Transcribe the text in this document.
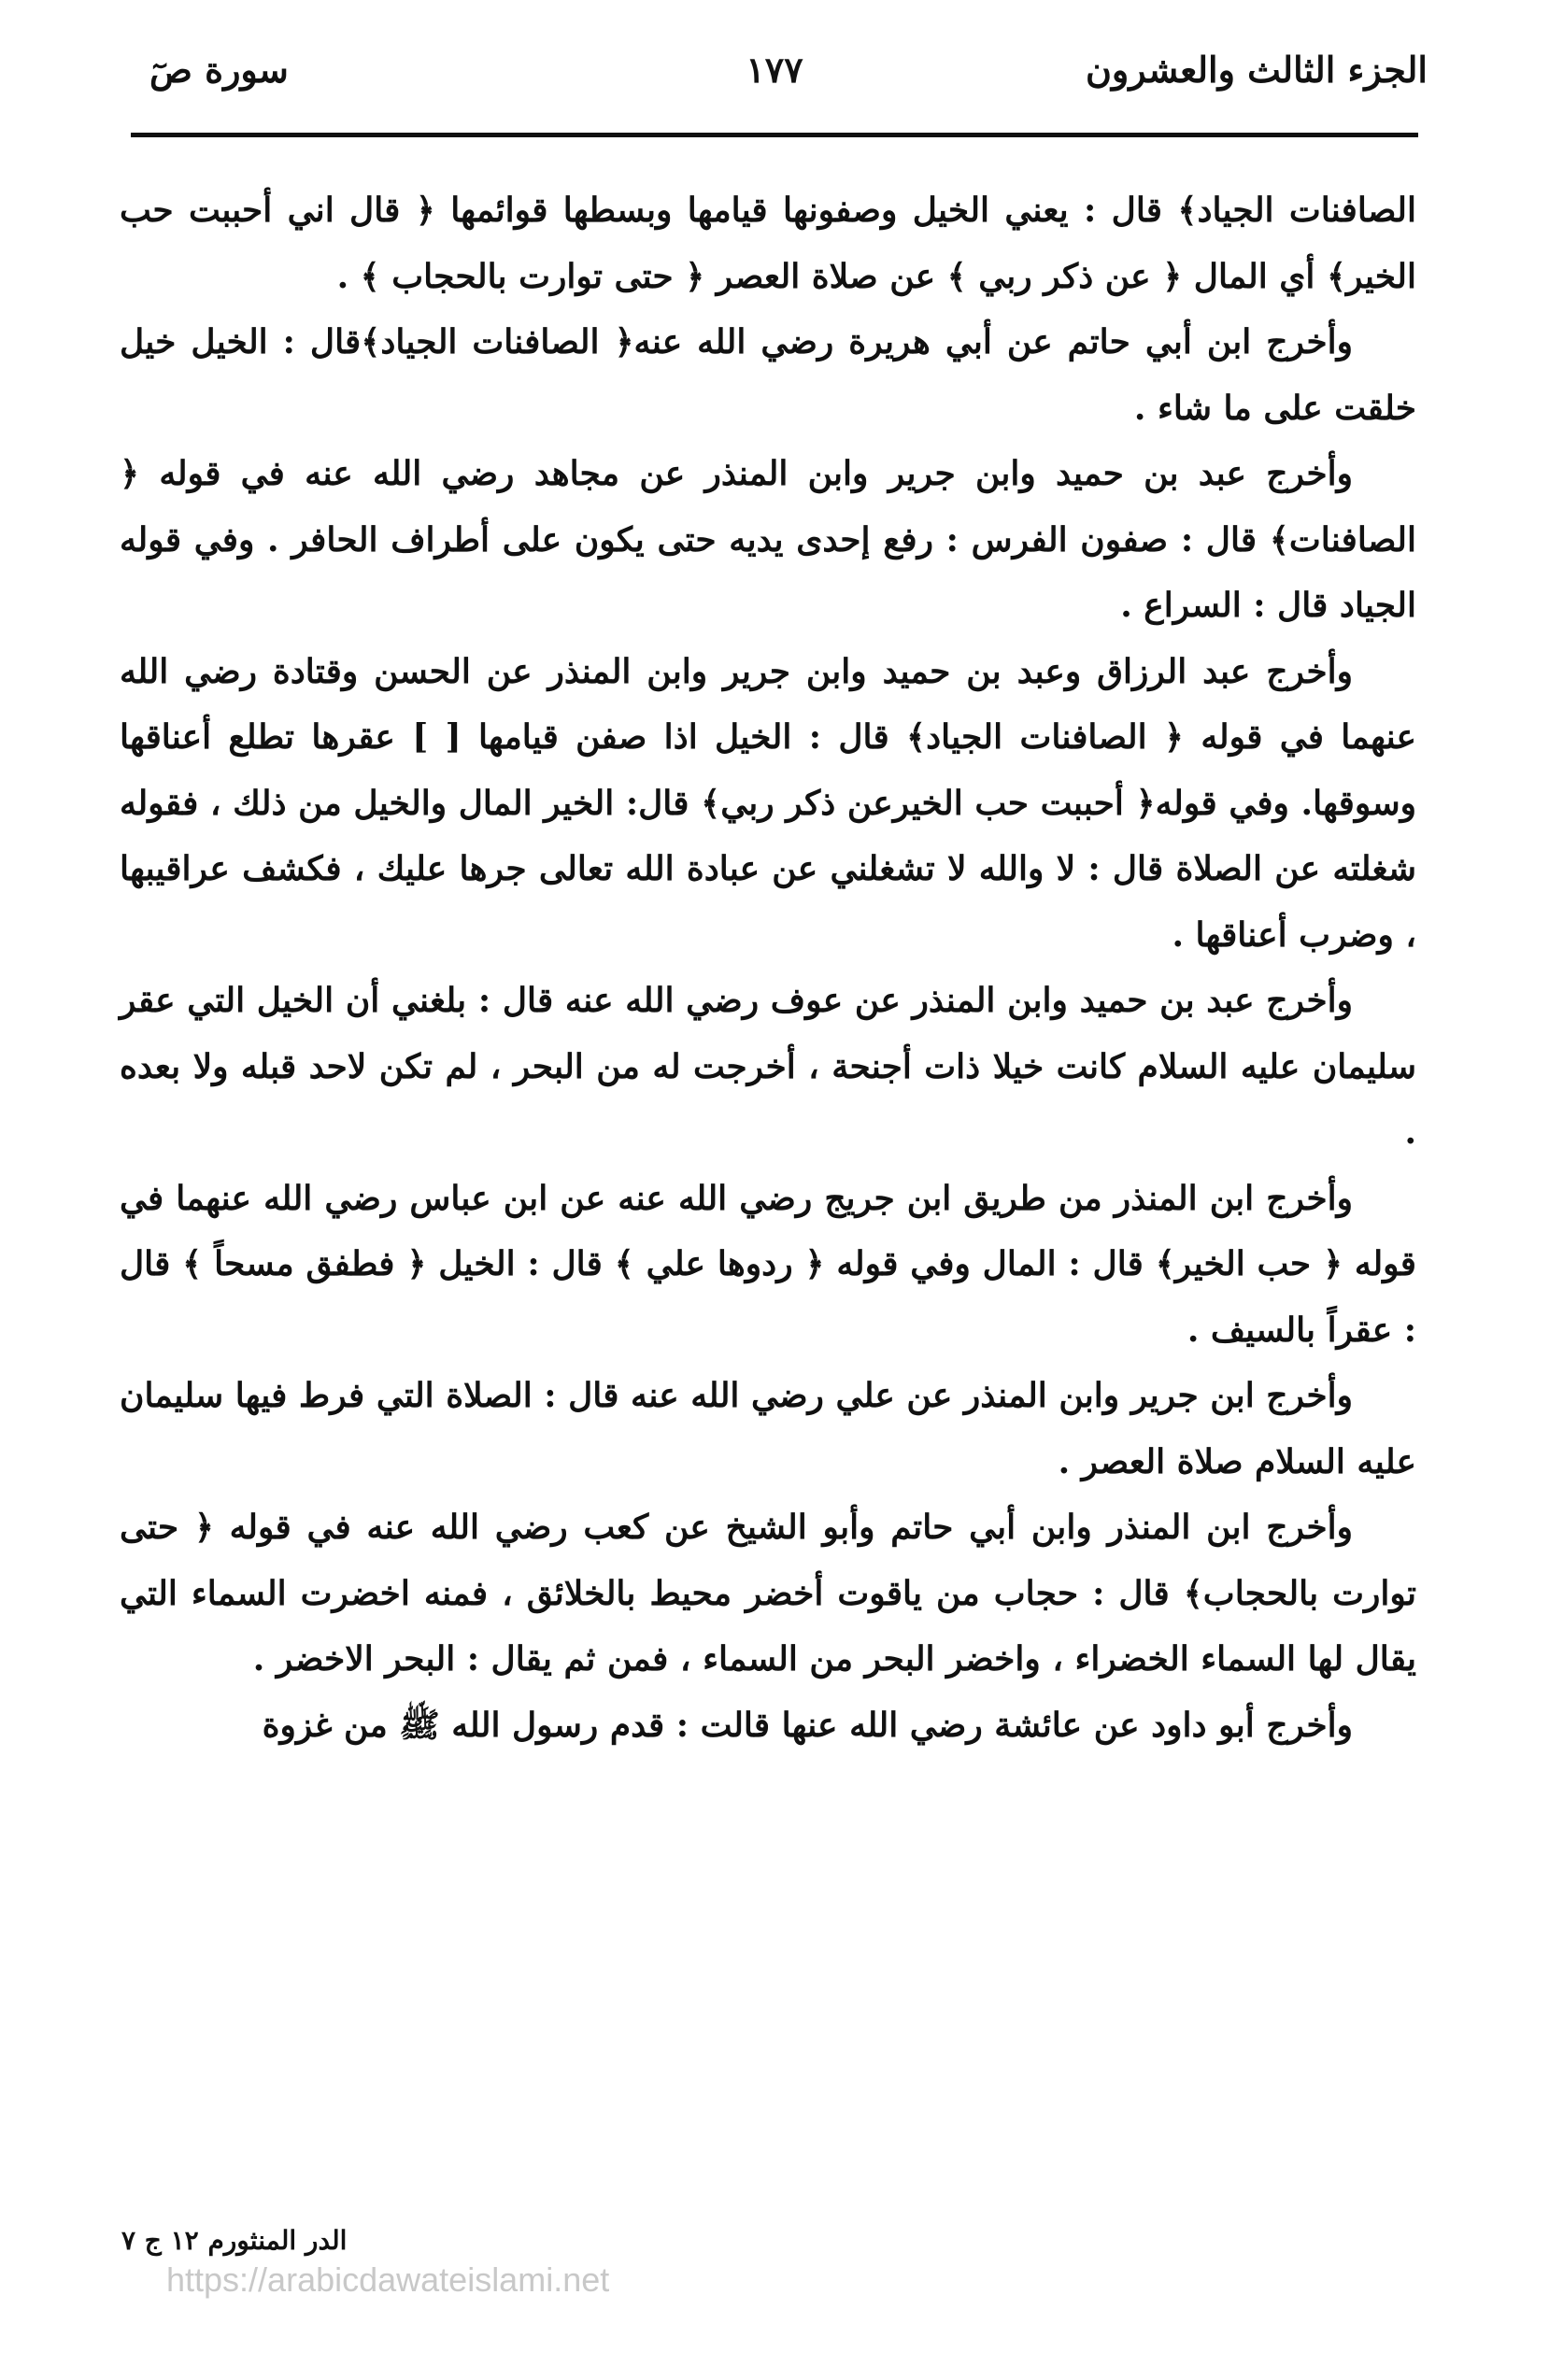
الجزء الثالث والعشرون
١٧٧
سورة صٓ

الصافنات الجياد﴾ قال : يعني الخيل وصفونها قيامها وبسطها قوائمها ﴿ قال اني أحببت حب الخير﴾ أي المال ﴿ عن ذكر ربي ﴾ عن صلاة العصر ﴿ حتى توارت بالحجاب ﴾ .

وأخرج ابن أبي حاتم عن أبي هريرة رضي الله عنه﴿ الصافنات الجياد﴾قال : الخيل خيل خلقت على ما شاء .

وأخرج عبد بن حميد وابن جرير وابن المنذر عن مجاهد رضي الله عنه في قوله ﴿ الصافنات﴾ قال : صفون الفرس : رفع إحدى يديه حتى يكون على أطراف الحافر . وفي قوله الجياد قال : السراع .

وأخرج عبد الرزاق وعبد بن حميد وابن جرير وابن المنذر عن الحسن وقتادة رضي الله عنهما في قوله ﴿ الصافنات الجياد﴾ قال : الخيل اذا صفن قيامها [ ] عقرها تطلع أعناقها وسوقها. وفي قوله﴿ أحببت حب الخيرعن ذكر ربي﴾ قال: الخير المال والخيل من ذلك ، فقوله شغلته عن الصلاة قال : لا والله لا تشغلني عن عبادة الله تعالى جرها عليك ، فكشف عراقيبها ، وضرب أعناقها .

وأخرج عبد بن حميد وابن المنذر عن عوف رضي الله عنه قال : بلغني أن الخيل التي عقر سليمان عليه السلام كانت خيلا ذات أجنحة ، أخرجت له من البحر ، لم تكن لاحد قبله ولا بعده .

وأخرج ابن المنذر من طريق ابن جريج رضي الله عنه عن ابن عباس رضي الله عنهما في قوله ﴿ حب الخير﴾ قال : المال وفي قوله ﴿ ردوها علي ﴾ قال : الخيل ﴿ فطفق مسحاً ﴾ قال : عقراً بالسيف .

وأخرج ابن جرير وابن المنذر عن علي رضي الله عنه قال : الصلاة التي فرط فيها سليمان عليه السلام صلاة العصر .

وأخرج ابن المنذر وابن أبي حاتم وأبو الشيخ عن كعب رضي الله عنه في قوله ﴿ حتى توارت بالحجاب﴾ قال : حجاب من ياقوت أخضر محيط بالخلائق ، فمنه اخضرت السماء التي يقال لها السماء الخضراء ، واخضر البحر من السماء ، فمن ثم يقال : البحر الاخضر .

وأخرج أبو داود عن عائشة رضي الله عنها قالت : قدم رسول الله ﷺ من غزوة

الدر المنثورم ١٢ ج ٧
https://arabicdawateislami.net
